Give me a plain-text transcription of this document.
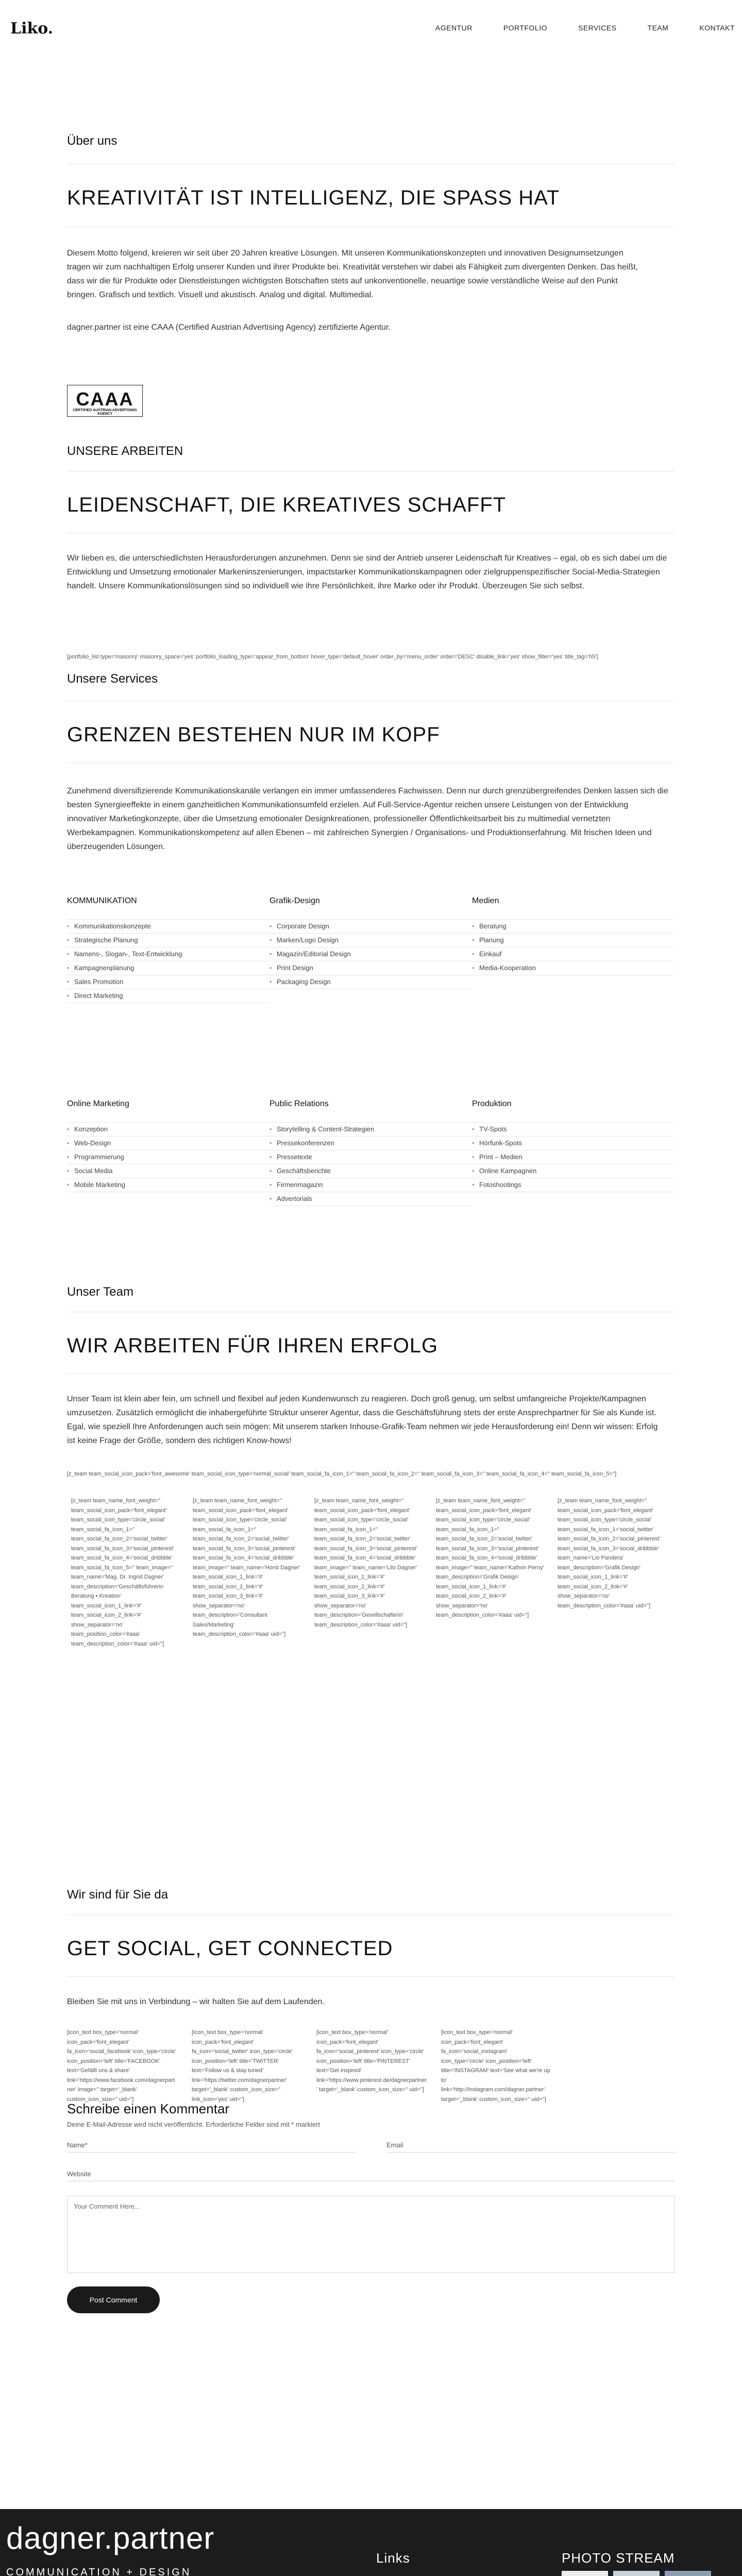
Liko.	AGENTUR	PORTFOLIO	SERVICES	TEAM	KONTAKT
Über uns
KREATIVITÄT IST INTELLIGENZ, DIE SPASS HAT
Diesem Motto folgend, kreieren wir seit über 20 Jahren kreative Lösungen. Mit unseren Kommunikationskonzepten und innovativen Designumsetzungen tragen wir zum nachhaltigen Erfolg unserer Kunden und ihrer Produkte bei. Kreativität verstehen wir dabei als Fähigkeit zum divergenten Denken. Das heißt, dass wir die für Produkte oder Dienstleistungen wichtigsten Botschaften stets auf unkonventionelle, neuartige sowie verständliche Weise auf den Punkt bringen. Grafisch und textlich. Visuell und akustisch. Analog und digital. Multimedial.
dagner.partner ist eine CAAA (Certified Austrian Advertising Agency) zertifizierte Agentur.
CAAA
CERTIFIED AUSTRIAN ADVERTISING AGENCY
UNSERE ARBEITEN
LEIDENSCHAFT, DIE KREATIVES SCHAFFT
Wir lieben es, die unterschiedlichsten Herausforderungen anzunehmen. Denn sie sind der Antrieb unserer Leidenschaft für Kreatives – egal, ob es sich dabei um die Entwicklung und Umsetzung emotionaler Markeninszenierungen, impactstarker Kommunikationskampagnen oder zielgruppenspezifischer Social-Media-Strategien handelt. Unsere Kommunikationslösungen sind so individuell wie ihre Persönlichkeit, ihre Marke oder ihr Produkt. Überzeugen Sie sich selbst.
[portfolio_list type='masonry' masonry_space='yes' portfolio_loading_type='appear_from_bottom' hover_type='default_hover' order_by='menu_order' order='DESC' disable_link='yes' show_filter='yes' title_tag='h5']
Unsere Services
GRENZEN BESTEHEN NUR IM KOPF
Zunehmend diversifizierende Kommunikationskanäle verlangen ein immer umfassenderes Fachwissen. Denn nur durch grenzübergreifendes Denken lassen sich die besten Synergieeffekte in einem ganzheitlichen Kommunikationsumfeld erzielen. Auf Full-Service-Agentur reichen unsere Leistungen von der Entwicklung innovativer Marketingkonzepte, über die Umsetzung emotionaler Designkreationen, professioneller Öffentlichkeitsarbeit bis zu multimedial vernetzten Werbekampagnen. Kommunikationskompetenz auf allen Ebenen – mit zahlreichen Synergien / Organisations- und Produktionserfahrung. Mit frischen Ideen und überzeugenden Lösungen.
KOMMUNIKATION
• Kommunikationskonzepte
• Strategische Planung
• Namens-, Slogan-, Text-Entwicklung
• Kampagnenplanung
• Sales Promotion
• Direct Marketing
Grafik-Design
• Corporate Design
• Marken/Logo Design
• Magazin/Editorial Design
• Print Design
• Packaging Design
Medien
• Beratung
• Planung
• Einkauf
• Media-Kooperation
Online Marketing
• Konzeption
• Web-Design
• Programmierung
• Social Media
• Mobile Marketing
Public Relations
• Storytelling & Content-Strategien
• Pressekonferenzen
• Pressetexte
• Geschäftsberichte
• Firmenmagazin
• Advertorials
Produktion
• TV-Spots
• Hörfunk-Spots
• Print – Medien
• Online Kampagnen
• Fotoshootings
Unser Team
WIR ARBEITEN FÜR IHREN ERFOLG
Unser Team ist klein aber fein, um schnell und flexibel auf jeden Kundenwunsch zu reagieren. Doch groß genug, um selbst umfangreiche Projekte/Kampagnen umzusetzen. Zusätzlich ermöglicht die inhabergeführte Struktur unserer Agentur, dass die Geschäftsführung stets der erste Ansprechpartner für Sie als Kunde ist. Egal, wie speziell Ihre Anforderungen auch sein mögen: Mit unserem starken Inhouse-Grafik-Team nehmen wir jede Herausforderung ein! Denn wir wissen: Erfolg ist keine Frage der Größe, sondern des richtigen Know-hows!
[z_team team_social_icon_pack='font_awesome' team_social_icon_type='normal_social' team_social_fa_icon_1='' team_social_fa_icon_2='' team_social_fa_icon_3='' team_social_fa_icon_4='' team_social_fa_icon_5='']
[z_team team_name_font_weight='' team_social_icon_pack='font_elegant' team_social_icon_type='circle_social' team_social_fa_icon_1='' team_social_fa_icon_2='social_twitter' team_social_fa_icon_3='social_pinterest' team_social_fa_icon_4='social_dribbble' team_social_fa_icon_5='' team_image='' team_name='Mag. Dr. Ingrid Dagner' team_description='Geschäftsführerin Beratung • Kreation' team_social_icon_1_link='#' team_social_icon_2_link='#' show_separator='no' team_position_color='#aaa' team_description_color='#aaa' uid='']
[z_team team_name_font_weight='' team_social_icon_pack='font_elegant' team_social_icon_type='circle_social' team_social_fa_icon_1='' team_social_fa_icon_2='social_twitter' team_social_fa_icon_3='social_pinterest' team_social_fa_icon_4='social_dribbble' team_image='' team_name='Horst Dagner' team_social_icon_1_link='#' team_social_icon_2_link='#' team_social_icon_3_link='#' show_separator='no' team_description='Consultant Sales/Marketing' team_description_color='#aaa' uid='']
[z_team team_name_font_weight='' team_social_icon_pack='font_elegant' team_social_icon_type='circle_social' team_social_fa_icon_1='' team_social_fa_icon_2='social_twitter' team_social_fa_icon_3='social_pinterest' team_social_fa_icon_4='social_dribbble' team_image='' team_name='Lilo Dagner' team_social_icon_1_link='#' team_social_icon_2_link='#' team_social_icon_3_link='#' show_separator='no' team_description='Gesellschafterin' team_description_color='#aaa' uid='']
[z_team team_name_font_weight='' team_social_icon_pack='font_elegant' team_social_icon_type='circle_social' team_social_fa_icon_1='' team_social_fa_icon_2='social_twitter' team_social_fa_icon_3='social_pinterest' team_social_fa_icon_4='social_dribbble' team_image='' team_name='Kathrin Perny' team_description='Grafik Design' team_social_icon_1_link='#' team_social_icon_2_link='#' show_separator='no' team_description_color='#aaa' uid='']
[z_team team_name_font_weight='' team_social_icon_pack='font_elegant' team_social_icon_type='circle_social' team_social_fa_icon_1='social_twitter' team_social_fa_icon_2='social_pinterest' team_social_fa_icon_3='social_dribbble' team_name='Lio Pandera' team_description='Grafik Design' team_social_icon_1_link='#' team_social_icon_2_link='#' show_separator='no' team_description_color='#aaa' uid='']
Wir sind für Sie da
GET SOCIAL, GET CONNECTED
Bleiben Sie mit uns in Verbindung – wir halten Sie auf dem Laufenden.
[icon_text box_type='normal' icon_pack='font_elegant' fa_icon='social_facebook' icon_type='circle' icon_position='left' title='FACEBOOK' text='Gefällt uns & share' link='https://www.facebook.com/dagnerpartner' image='' target='_blank' custom_icon_size='' uid='']
[icon_text box_type='normal' icon_pack='font_elegant' fa_icon='social_twitter' icon_type='circle' icon_position='left' title='TWITTER' text='Follow us & stay tuned' link='https://twitter.com/dagnerpartner' target='_blank' custom_icon_size='' link_icon='yes' uid='']
[icon_text box_type='normal' icon_pack='font_elegant' fa_icon='social_pinterest' icon_type='circle' icon_position='left' title='PINTEREST' text='Get inspired' link='https://www.pinterest.de/dagnerpartner' target='_blank' custom_icon_size='' uid='']
[icon_text box_type='normal' icon_pack='font_elegant' fa_icon='social_instagram' icon_type='circle' icon_position='left' title='INSTAGRAM' text='See what we're up to' link='http://instagram.com/dagner.partner' target='_blank' custom_icon_size='' uid='']
Schreibe einen Kommentar
Deine E-Mail-Adresse wird nicht veröffentlicht. Erforderliche Felder sind mit * markiert
Name*	Email
Website
Your Comment Here...
Post Comment
dagner.partner
COMMUNICATION + DESIGN
Links	PHOTO STREAM
